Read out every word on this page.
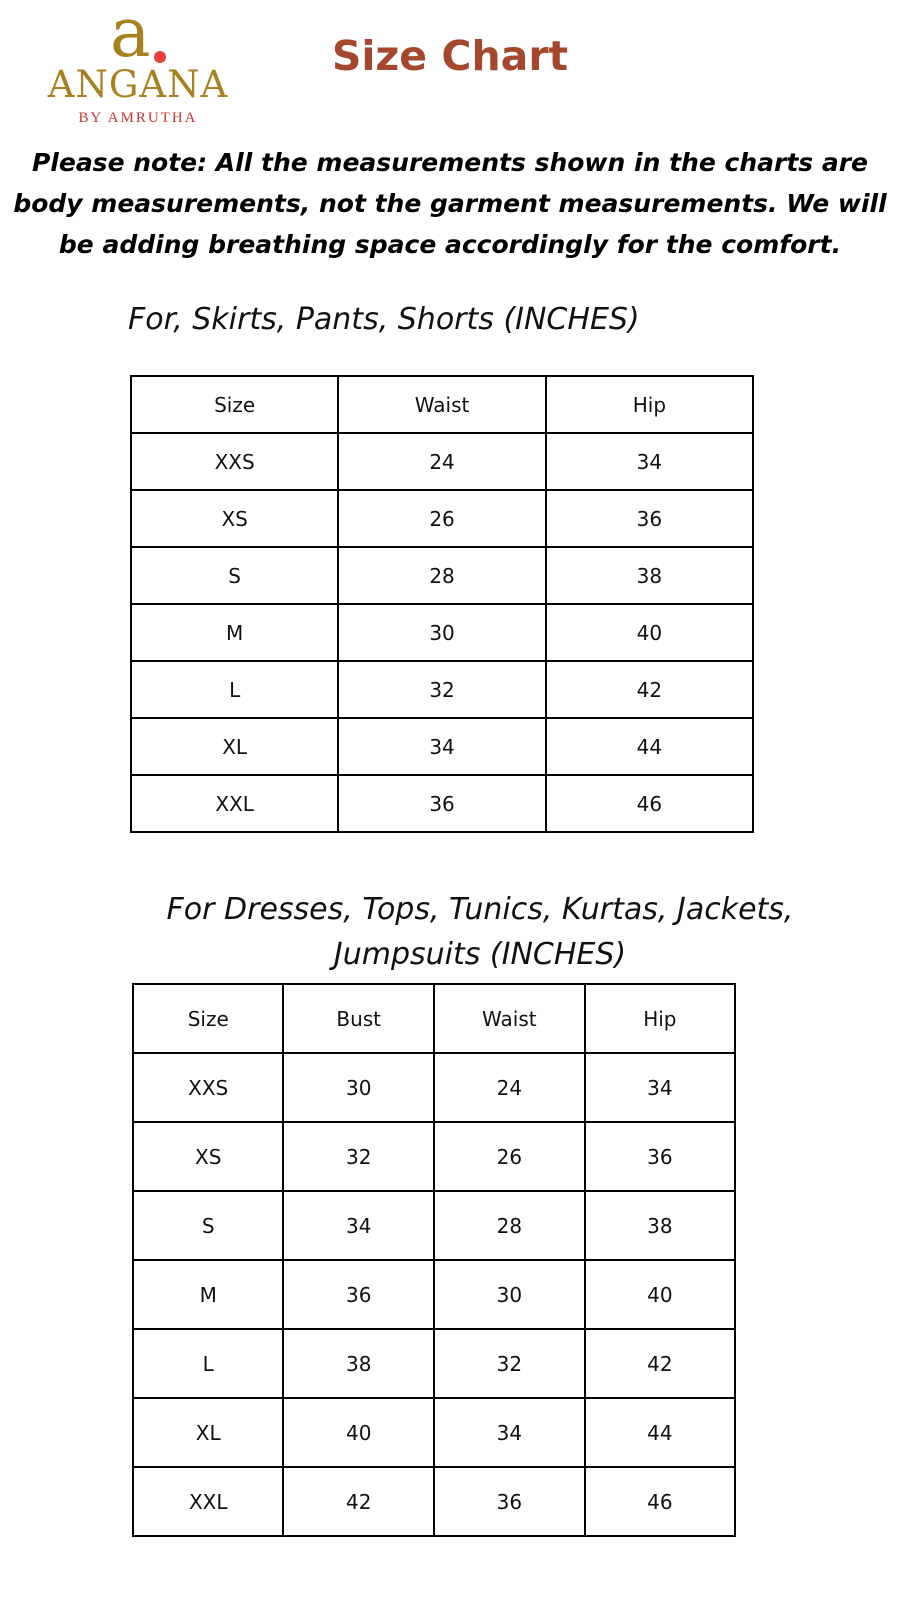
a
ANGANA
BY AMRUTHA
Size Chart
Please note: All the measurements shown in the charts are
body measurements, not the garment measurements. We will
be adding breathing space accordingly for the comfort.
For, Skirts, Pants, Shorts (INCHES)
Size	Waist	Hip
XXS	24	34
XS	26	36
S	28	38
M	30	40
L	32	42
XL	34	44
XXL	36	46
For Dresses, Tops, Tunics, Kurtas, Jackets,
Jumpsuits (INCHES)
Size	Bust	Waist	Hip
XXS	30	24	34
XS	32	26	36
S	34	28	38
M	36	30	40
L	38	32	42
XL	40	34	44
XXL	42	36	46
